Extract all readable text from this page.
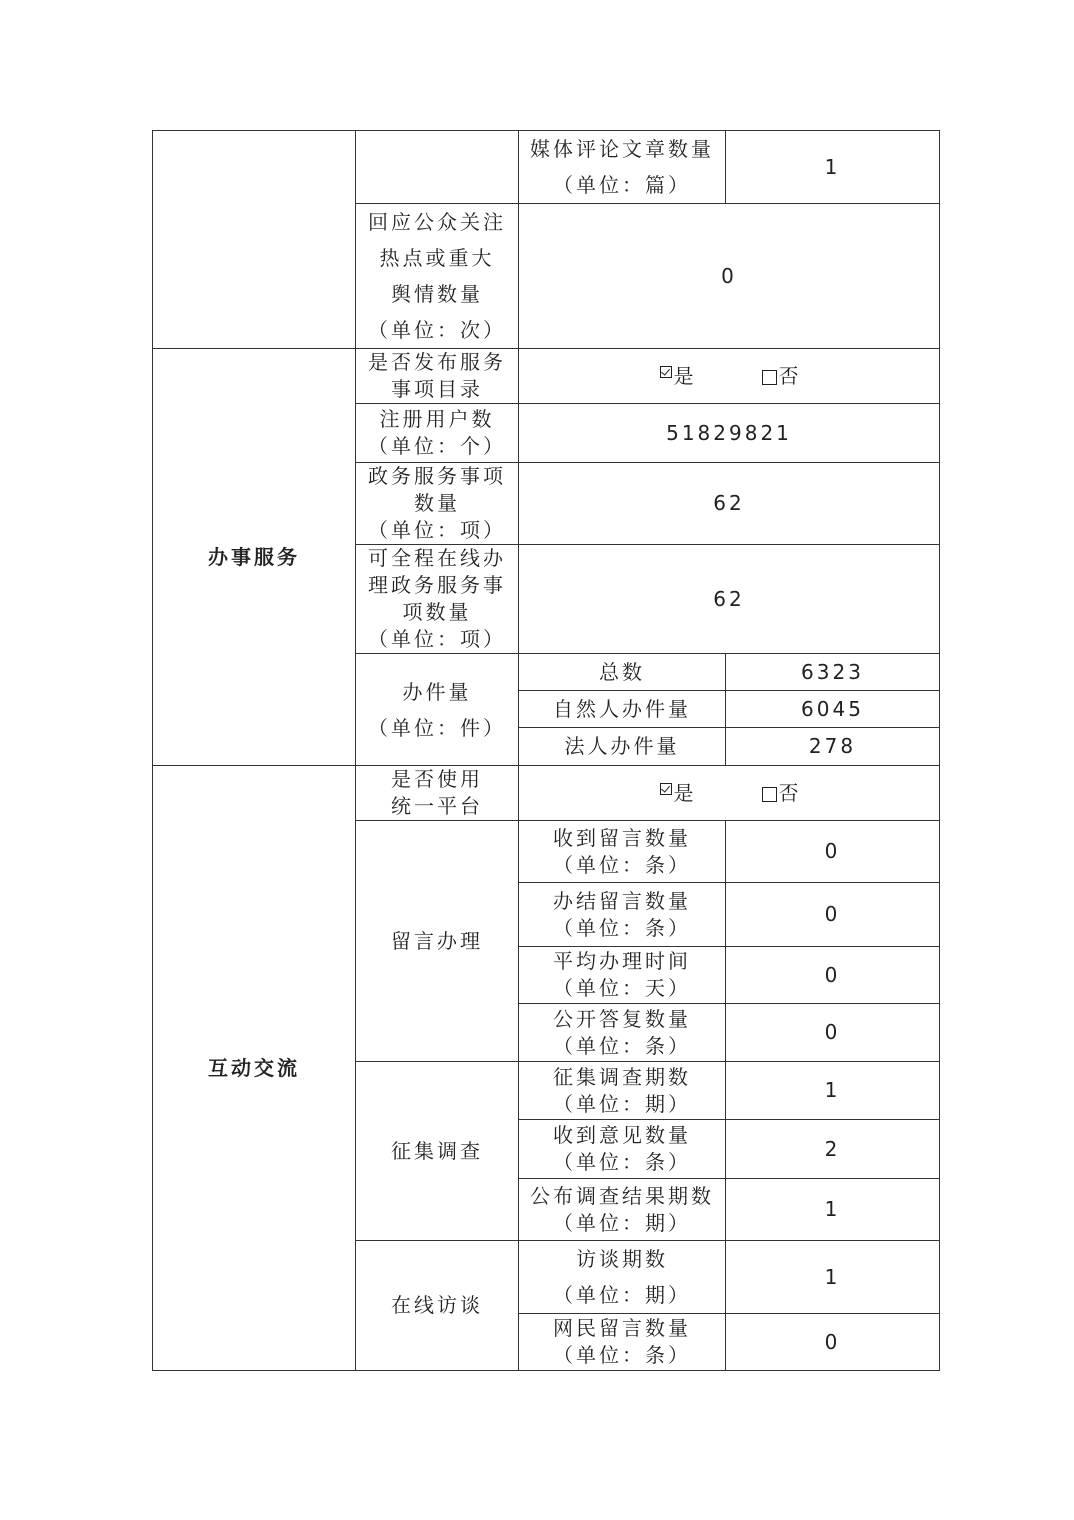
		媒体评论文章数量
（单位：篇）	1

	回应公众关注
热点或重大
舆情数量
（单位：次）	0	
办事服务	是否发布服务
事项目录	是 否	

	注册用户数
（单位：个）	51829821	

	政务服务事项
数量
（单位：项）	62	

	可全程在线办
理政务服务事
项数量
（单位：项）	62	

	办件量
（单位：件）	总数	6323
		自然人办件量	6045
		法人办件量	278
互动交流	是否使用
统一平台	是 否	
	留言办理	收到留言数量
（单位：条）	0

		办结留言数量
（单位：条）	0

		平均办理时间
（单位：天）	0

		公开答复数量
（单位：条）	0
	征集调查	征集调查期数
（单位：期）	1

		收到意见数量
（单位：条）	2

		公布调查结果期数
（单位：期）	1
	在线访谈	访谈期数
（单位：期）	1

		网民留言数量
（单位：条）	0
